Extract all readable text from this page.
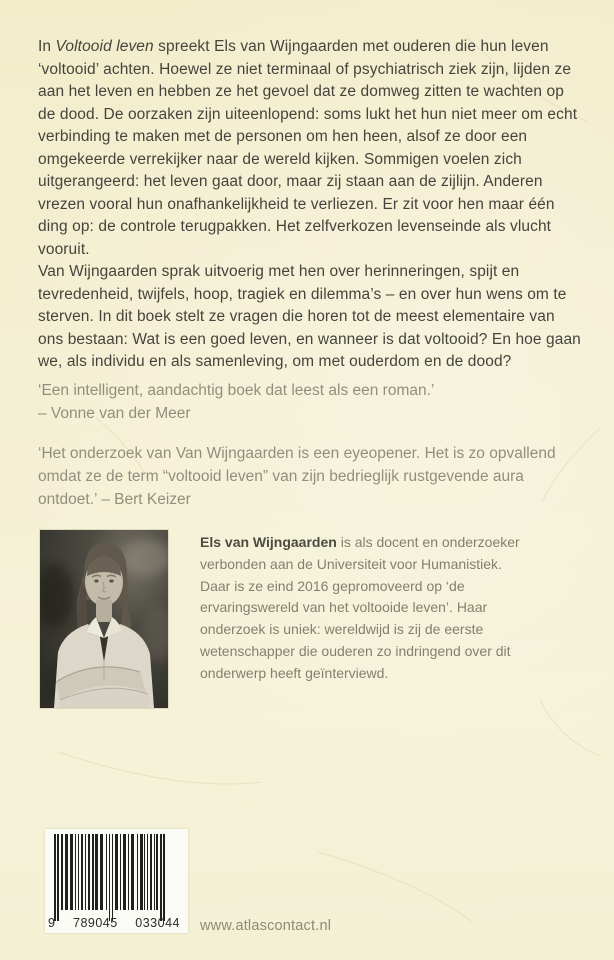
In Voltooid leven spreekt Els van Wijngaarden met ouderen die hun leven ‘voltooid’ achten. Hoewel ze niet terminaal of psychiatrisch ziek zijn, lijden ze aan het leven en hebben ze het gevoel dat ze domweg zitten te wachten op de dood. De oorzaken zijn uiteenlopend: soms lukt het hun niet meer om echt verbinding te maken met de personen om hen heen, alsof ze door een omgekeerde verrekijker naar de wereld kijken. Sommigen voelen zich uitgerangeerd: het leven gaat door, maar zij staan aan de zijlijn. Anderen vrezen vooral hun onafhankelijkheid te verliezen. Er zit voor hen maar één ding op: de controle terugpakken. Het zelfverkozen levenseinde als vlucht vooruit.

Van Wijngaarden sprak uitvoerig met hen over herinneringen, spijt en tevredenheid, twijfels, hoop, tragiek en dilemma’s – en over hun wens om te sterven. In dit boek stelt ze vragen die horen tot de meest elementaire van ons bestaan: Wat is een goed leven, en wanneer is dat voltooid? En hoe gaan we, als individu en als samenleving, om met ouderdom en de dood?

‘Een intelligent, aandachtig boek dat leest als een roman.’
– Vonne van der Meer
‘Het onderzoek van Van Wijngaarden is een eyeopener. Het is zo opvallend omdat ze de term “voltooid leven” van zijn bedrieglijk rustgevende aura ontdoet.’ – Bert Keizer
Els van Wijngaarden is als docent en onderzoeker verbonden aan de Universiteit voor Humanistiek. Daar is ze eind 2016 gepromoveerd op ‘de ervaringswereld van het voltooide leven’. Haar onderzoek is uniek: wereldwijd is zij de eerste wetenschapper die ouderen zo indringend over dit onderwerp heeft geïnterviewd.
9 789045 033044 www.atlascontact.nl
